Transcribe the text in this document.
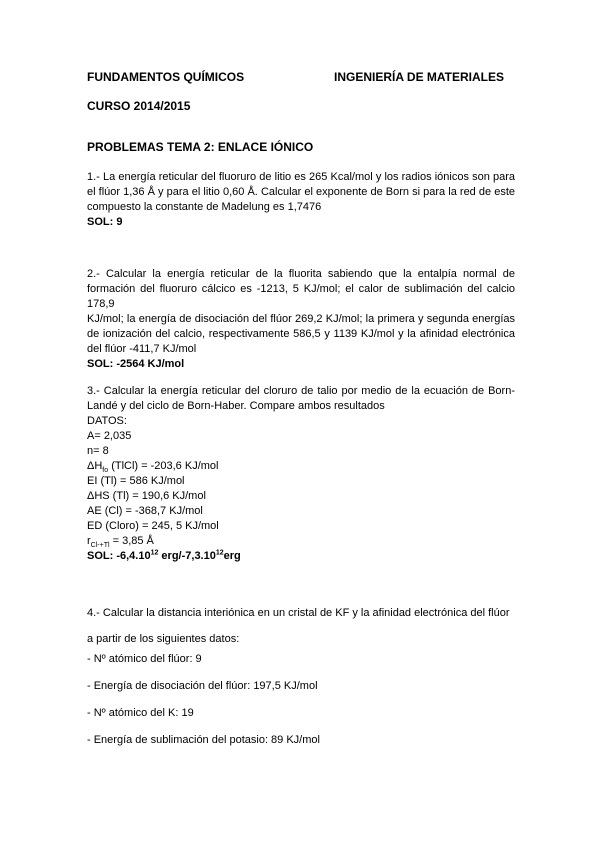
FUNDAMENTOS QUÍMICOS	INGENIERÍA DE MATERIALES
CURSO 2014/2015
PROBLEMAS TEMA 2: ENLACE IÓNICO
1.- La energía reticular del fluoruro de litio es 265 Kcal/mol y los radios iónicos son para
el flúor 1,36 Å y para el litio 0,60 Å. Calcular el exponente de Born si para la red de este
compuesto la constante de Madelung es 1,7476
SOL: 9
2.- Calcular la energía reticular de la fluorita sabiendo que la entalpía normal de
formación del fluoruro cálcico es -1213, 5 KJ/mol; el calor de sublimación del calcio 178,9
KJ/mol; la energía de disociación del flúor 269,2 KJ/mol; la primera y segunda energías
de ionización del calcio, respectivamente 586,5 y 1139 KJ/mol y la afinidad electrónica
del flúor -411,7 KJ/mol
SOL: -2564 KJ/mol
3.- Calcular la energía reticular del cloruro de talio por medio de la ecuación de Born-
Landé y del ciclo de Born-Haber. Compare ambos resultados
DATOS:
A= 2,035
n= 8
$\Delta H_{fo}$ (TlCl) = -203,6 KJ/mol
EI (Tl) = 586 KJ/mol
ΔHS (Tl) = 190,6 KJ/mol
AE (Cl) = -368,7 KJ/mol
ED (Cloro) = 245, 5 KJ/mol
$r_{Cl-+Tl} = 3,85$ Å
SOL: -6,4.10$^{12}$ erg/-7,3.10$^{12}$erg
4.- Calcular la distancia interiónica en un cristal de KF y la afinidad electrónica del flúor
a partir de los siguientes datos:
- Nº atómico del flúor: 9
- Energía de disociación del flúor: 197,5 KJ/mol
- Nº atómico del K: 19
- Energía de sublimación del potasio: 89 KJ/mol
